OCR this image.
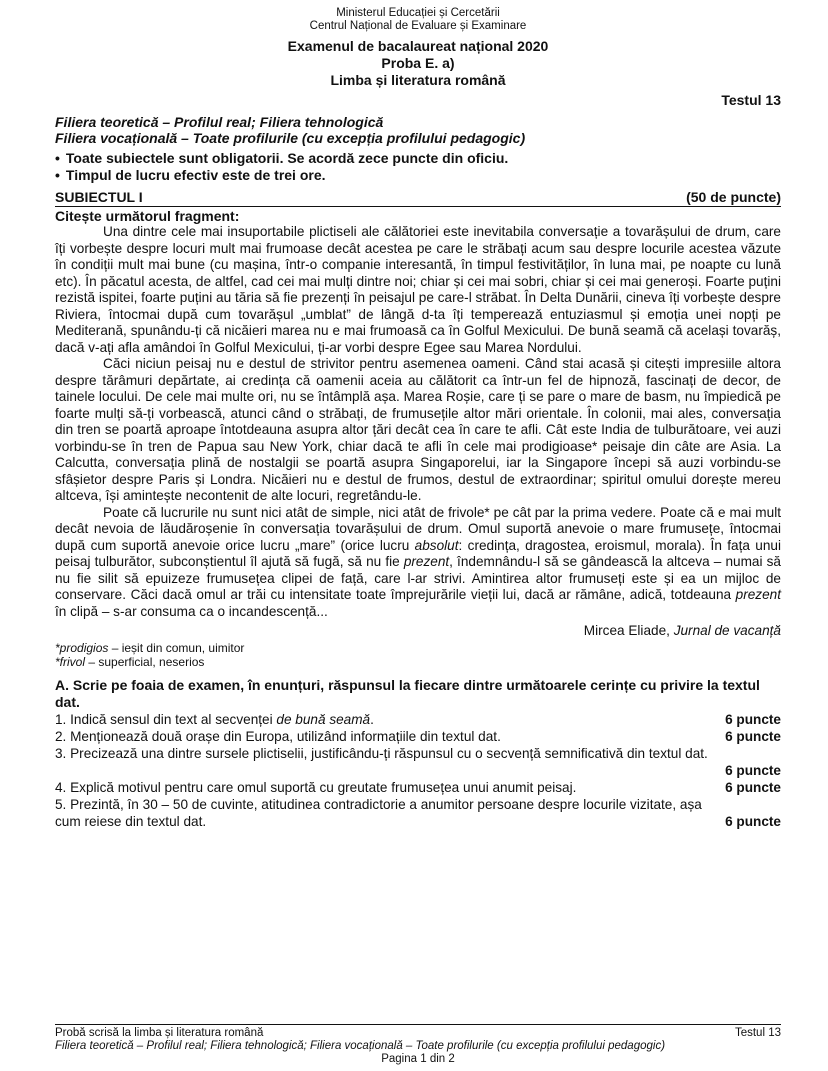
Ministerul Educației și Cercetării
Centrul Național de Evaluare și Examinare
Examenul de bacalaureat național 2020
Proba E. a)
Limba și literatura română
Testul 13
Filiera teoretică – Profilul real; Filiera tehnologică
Filiera vocațională – Toate profilurile (cu excepția profilului pedagogic)
• Toate subiectele sunt obligatorii. Se acordă zece puncte din oficiu.
• Timpul de lucru efectiv este de trei ore.
SUBIECTUL I	(50 de puncte)
Citește următorul fragment:

Una dintre cele mai insuportabile plictiseli ale călătoriei este inevitabila conversație a tovarășului de drum, care îți vorbește despre locuri mult mai frumoase decât acestea pe care le străbați acum sau despre locurile acestea văzute în condiții mult mai bune (cu mașina, într-o companie interesantă, în timpul festivităților, în luna mai, pe noapte cu lună etc). În păcatul acesta, de altfel, cad cei mai mulți dintre noi; chiar și cei mai sobri, chiar și cei mai generoși. Foarte puțini rezistă ispitei, foarte puțini au tăria să fie prezenți în peisajul pe care-l străbat. În Delta Dunării, cineva îți vorbește despre Riviera, întocmai după cum tovarășul „umblat” de lângă d-ta îți tempereazǎ entuziasmul și emoția unei nopți pe Mediterană, spunându-ți că nicăieri marea nu e mai frumoasă ca în Golful Mexicului. De bună seamă că același tovarăș, dacă v-ați afla amândoi în Golful Mexicului, ți-ar vorbi despre Egee sau Marea Nordului.

Căci niciun peisaj nu e destul de strivitor pentru asemenea oameni. Când stai acasă și citești impresiile altora despre tărâmuri depărtate, ai credința că oamenii aceia au călătorit ca într-un fel de hipnoză, fascinați de decor, de tainele locului. De cele mai multe ori, nu se întâmplă așa. Marea Roșie, care ți se pare o mare de basm, nu împiedică pe foarte mulți să-ți vorbească, atunci când o străbați, de frumusețile altor mări orientale. În colonii, mai ales, conversația din tren se poartă aproape întotdeauna asupra altor țări decât cea în care te afli. Cât este India de tulburătoare, vei auzi vorbindu-se în tren de Papua sau New York, chiar dacă te afli în cele mai prodigioase* peisaje din câte are Asia. La Calcutta, conversația plină de nostalgii se poartă asupra Singaporelui, iar la Singapore începi să auzi vorbindu-se sfâșietor despre Paris și Londra. Nicăieri nu e destul de frumos, destul de extraordinar; spiritul omului dorește mereu altceva, își amintește necontenit de alte locuri, regretându-le.

Poate că lucrurile nu sunt nici atât de simple, nici atât de frivole* pe cât par la prima vedere. Poate că e mai mult decât nevoia de lăudăroșenie în conversația tovarășului de drum. Omul suportă anevoie o mare frumusețe, întocmai după cum suportă anevoie orice lucru „mare” (orice lucru absolut: credința, dragostea, eroismul, morala). În fața unui peisaj tulburător, subconștientul îl ajută să fugă, să nu fie prezent, îndemnându-l să se gândească la altceva – numai să nu fie silit să epuizeze frumusețea clipei de față, care l-ar strivi. Amintirea altor frumuseți este și ea un mijloc de conservare. Căci dacă omul ar trăi cu intensitate toate împrejurările vieții lui, dacă ar rămâne, adică, totdeauna prezent în clipă – s-ar consuma ca o incandescență...

Mircea Eliade, Jurnal de vacanță
*prodigios – ieșit din comun, uimitor
*frivol – superficial, neserios
A. Scrie pe foaia de examen, în enunțuri, răspunsul la fiecare dintre următoarele cerințe cu privire la textul dat.
1. Indică sensul din text al secvenței de bună seamă.	6 puncte
2. Menționează două orașe din Europa, utilizând informațiile din textul dat.	6 puncte
3. Precizează una dintre sursele plictiselii, justificându-ți răspunsul cu o secvență semnificativă din textul dat.
6 puncte
4. Explică motivul pentru care omul suportă cu greutate frumusețea unui anumit peisaj.	6 puncte
5. Prezintă, în 30 – 50 de cuvinte, atitudinea contradictorie a anumitor persoane despre locurile vizitate, așa
cum reiese din textul dat.	6 puncte
Probă scrisă la limba și literatura română	Testul 13
Filiera teoretică – Profilul real; Filiera tehnologică; Filiera vocațională – Toate profilurile (cu excepția profilului pedagogic)
Pagina 1 din 2
